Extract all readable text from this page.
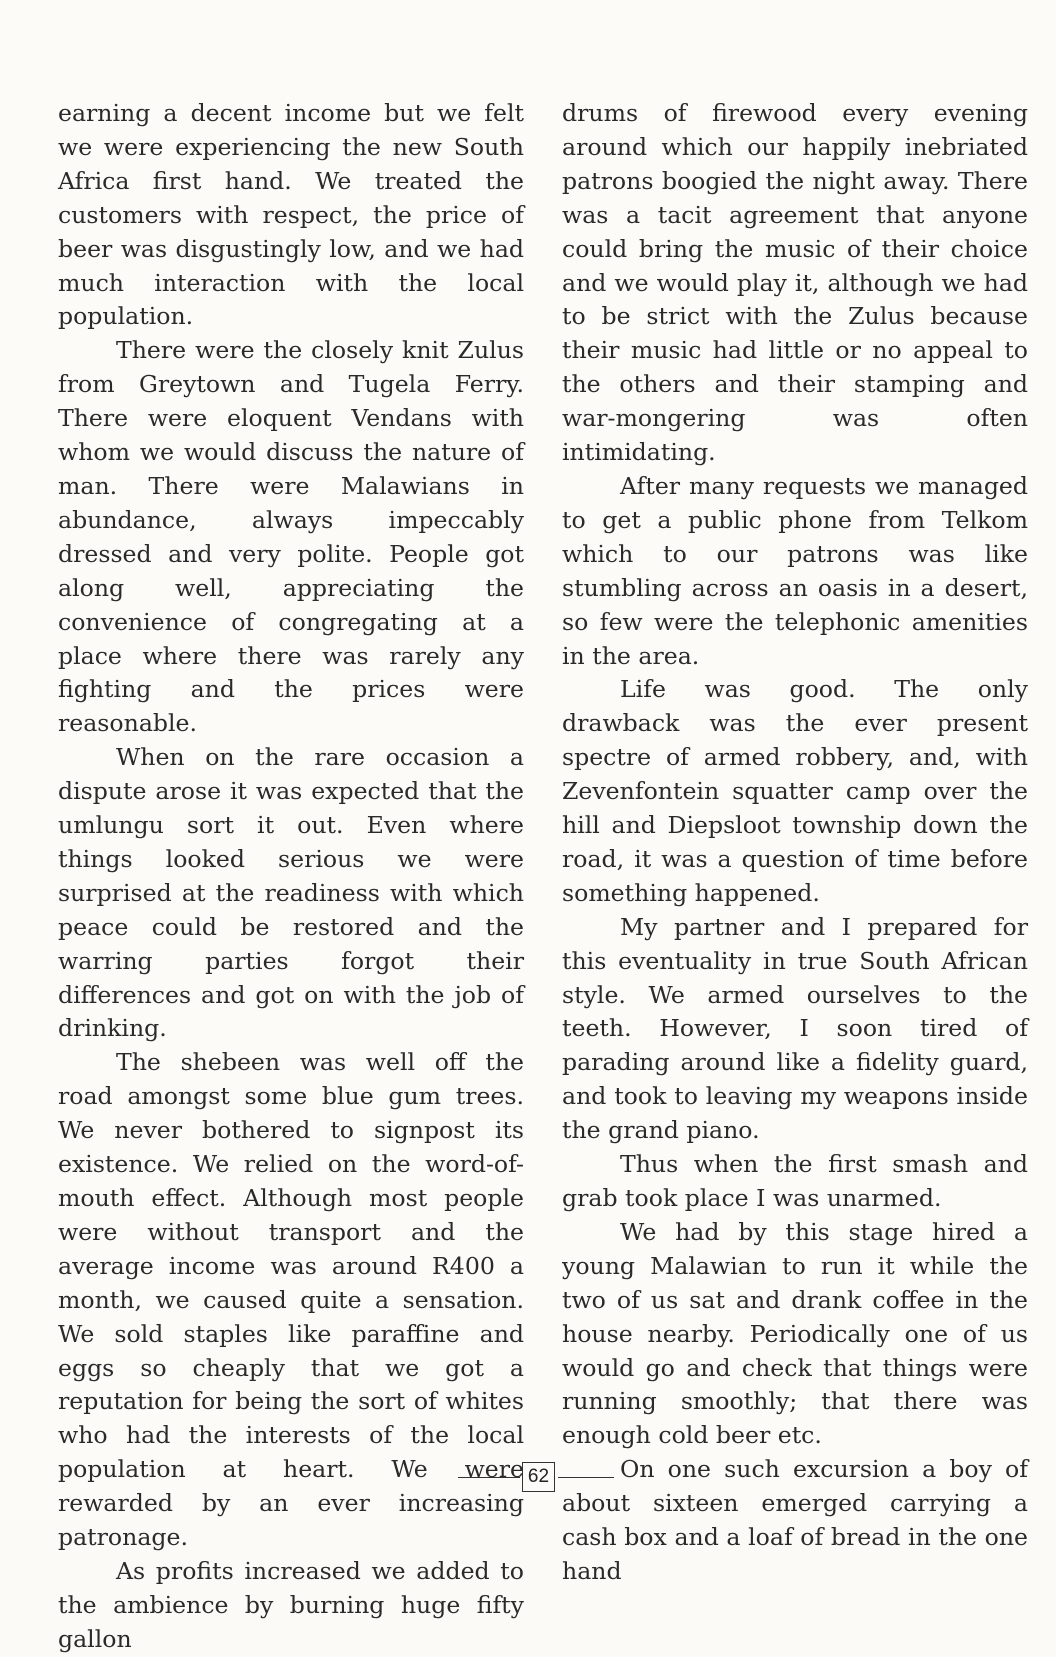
earning a decent income but we felt we were experiencing the new South Africa first hand. We treated the customers with respect, the price of beer was disgustingly low, and we had much interaction with the local population.

There were the closely knit Zulus from Greytown and Tugela Ferry. There were eloquent Vendans with whom we would discuss the nature of man. There were Malawians in abundance, always impeccably dressed and very polite. People got along well, appreciating the convenience of congregating at a place where there was rarely any fighting and the prices were reasonable.

When on the rare occasion a dispute arose it was expected that the umlungu sort it out. Even where things looked serious we were surprised at the readiness with which peace could be restored and the warring parties forgot their differences and got on with the job of drinking.

The shebeen was well off the road amongst some blue gum trees. We never bothered to signpost its existence. We relied on the word-of-mouth effect. Although most people were without transport and the average income was around R400 a month, we caused quite a sensation. We sold staples like paraffine and eggs so cheaply that we got a reputation for being the sort of whites who had the interests of the local population at heart. We were rewarded by an ever increasing patronage.

As profits increased we added to the ambience by burning huge fifty gallon

drums of firewood every evening around which our happily inebriated patrons boogied the night away. There was a tacit agreement that anyone could bring the music of their choice and we would play it, although we had to be strict with the Zulus because their music had little or no appeal to the others and their stamping and war-mongering was often intimidating.

After many requests we managed to get a public phone from Telkom which to our patrons was like stumbling across an oasis in a desert, so few were the telephonic amenities in the area.

Life was good. The only drawback was the ever present spectre of armed robbery, and, with Zevenfontein squatter camp over the hill and Diepsloot township down the road, it was a question of time before something happened.

My partner and I prepared for this eventuality in true South African style. We armed ourselves to the teeth. However, I soon tired of parading around like a fidelity guard, and took to leaving my weapons inside the grand piano.

Thus when the first smash and grab took place I was unarmed.

We had by this stage hired a young Malawian to run it while the two of us sat and drank coffee in the house nearby. Periodically one of us would go and check that things were running smoothly; that there was enough cold beer etc.

On one such excursion a boy of about sixteen emerged carrying a cash box and a loaf of bread in the one hand

62
